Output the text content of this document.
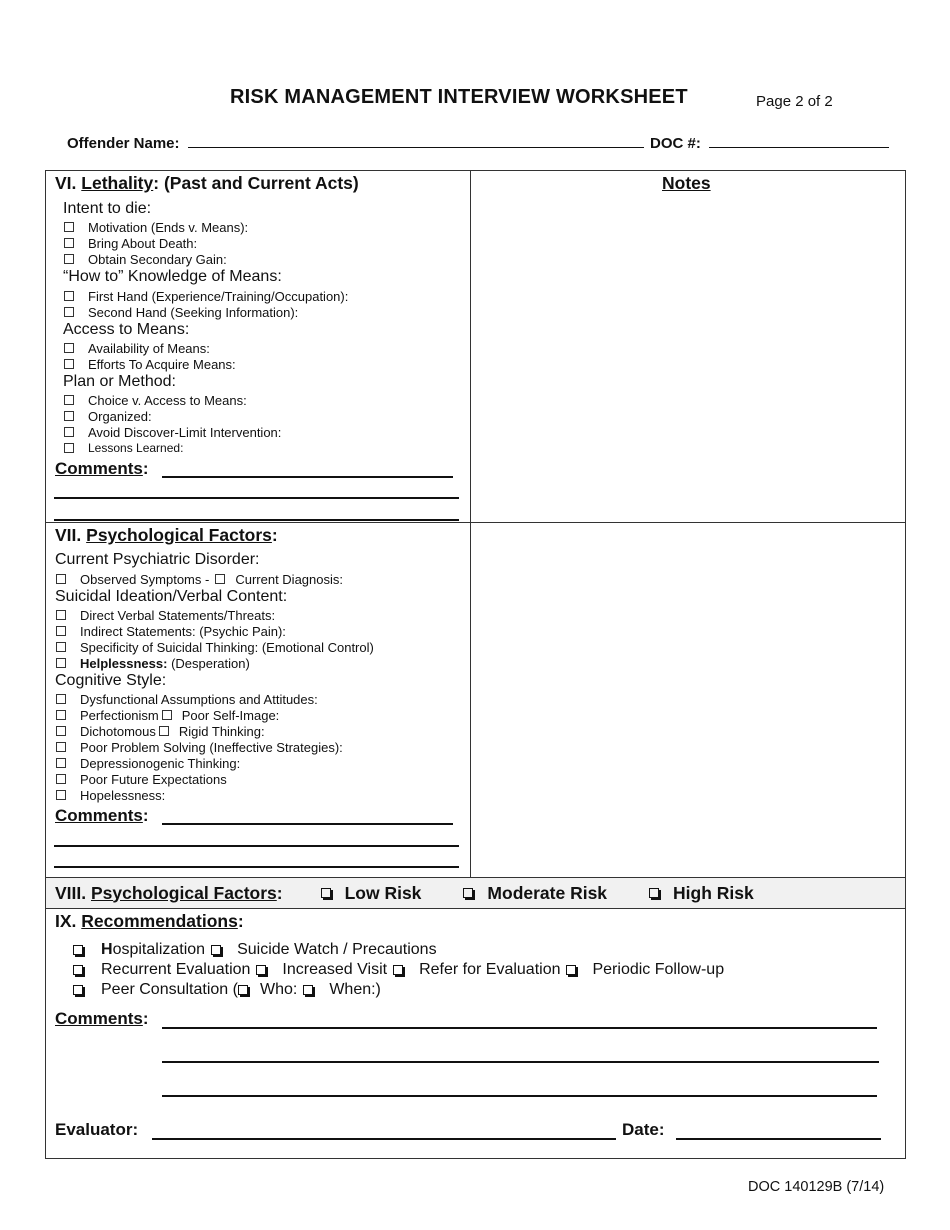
RISK MANAGEMENT INTERVIEW WORKSHEET	Page 2 of 2
Offender Name:	DOC #:
VI. Lethality: (Past and Current Acts)	Notes
Intent to die:
Motivation (Ends v. Means):
Bring About Death:
Obtain Secondary Gain:
“How to” Knowledge of Means:
First Hand (Experience/Training/Occupation):
Second Hand (Seeking Information):
Access to Means:
Availability of Means:
Efforts To Acquire Means:
Plan or Method:
Choice v. Access to Means:
Organized:
Avoid Discover-Limit Intervention:
Lessons Learned:
Comments:
VII. Psychological Factors:
Current Psychiatric Disorder:
Observed Symptoms - Current Diagnosis:
Suicidal Ideation/Verbal Content:
Direct Verbal Statements/Threats:
Indirect Statements: (Psychic Pain):
Specificity of Suicidal Thinking: (Emotional Control)
Helplessness:
(Desperation)
Cognitive Style:
Dysfunctional Assumptions and Attitudes:
Perfectionism Poor Self-Image:
Dichotomous Rigid Thinking:
Poor Problem Solving (Ineffective Strategies):
Depressionogenic Thinking:
Poor Future Expectations
Hopelessness:
Comments:
VIII. Psychological Factors:	Low Risk	Moderate Risk	High Risk
IX. Recommendations:
H ospitalization Suicide Watch / Precautions
Recurrent Evaluation Increased Visit Refer for Evaluation Periodic Follow-up
Peer Consultation ( Who: When:)
Comments:
Evaluator:	Date:
DOC 140129B (7/14)
